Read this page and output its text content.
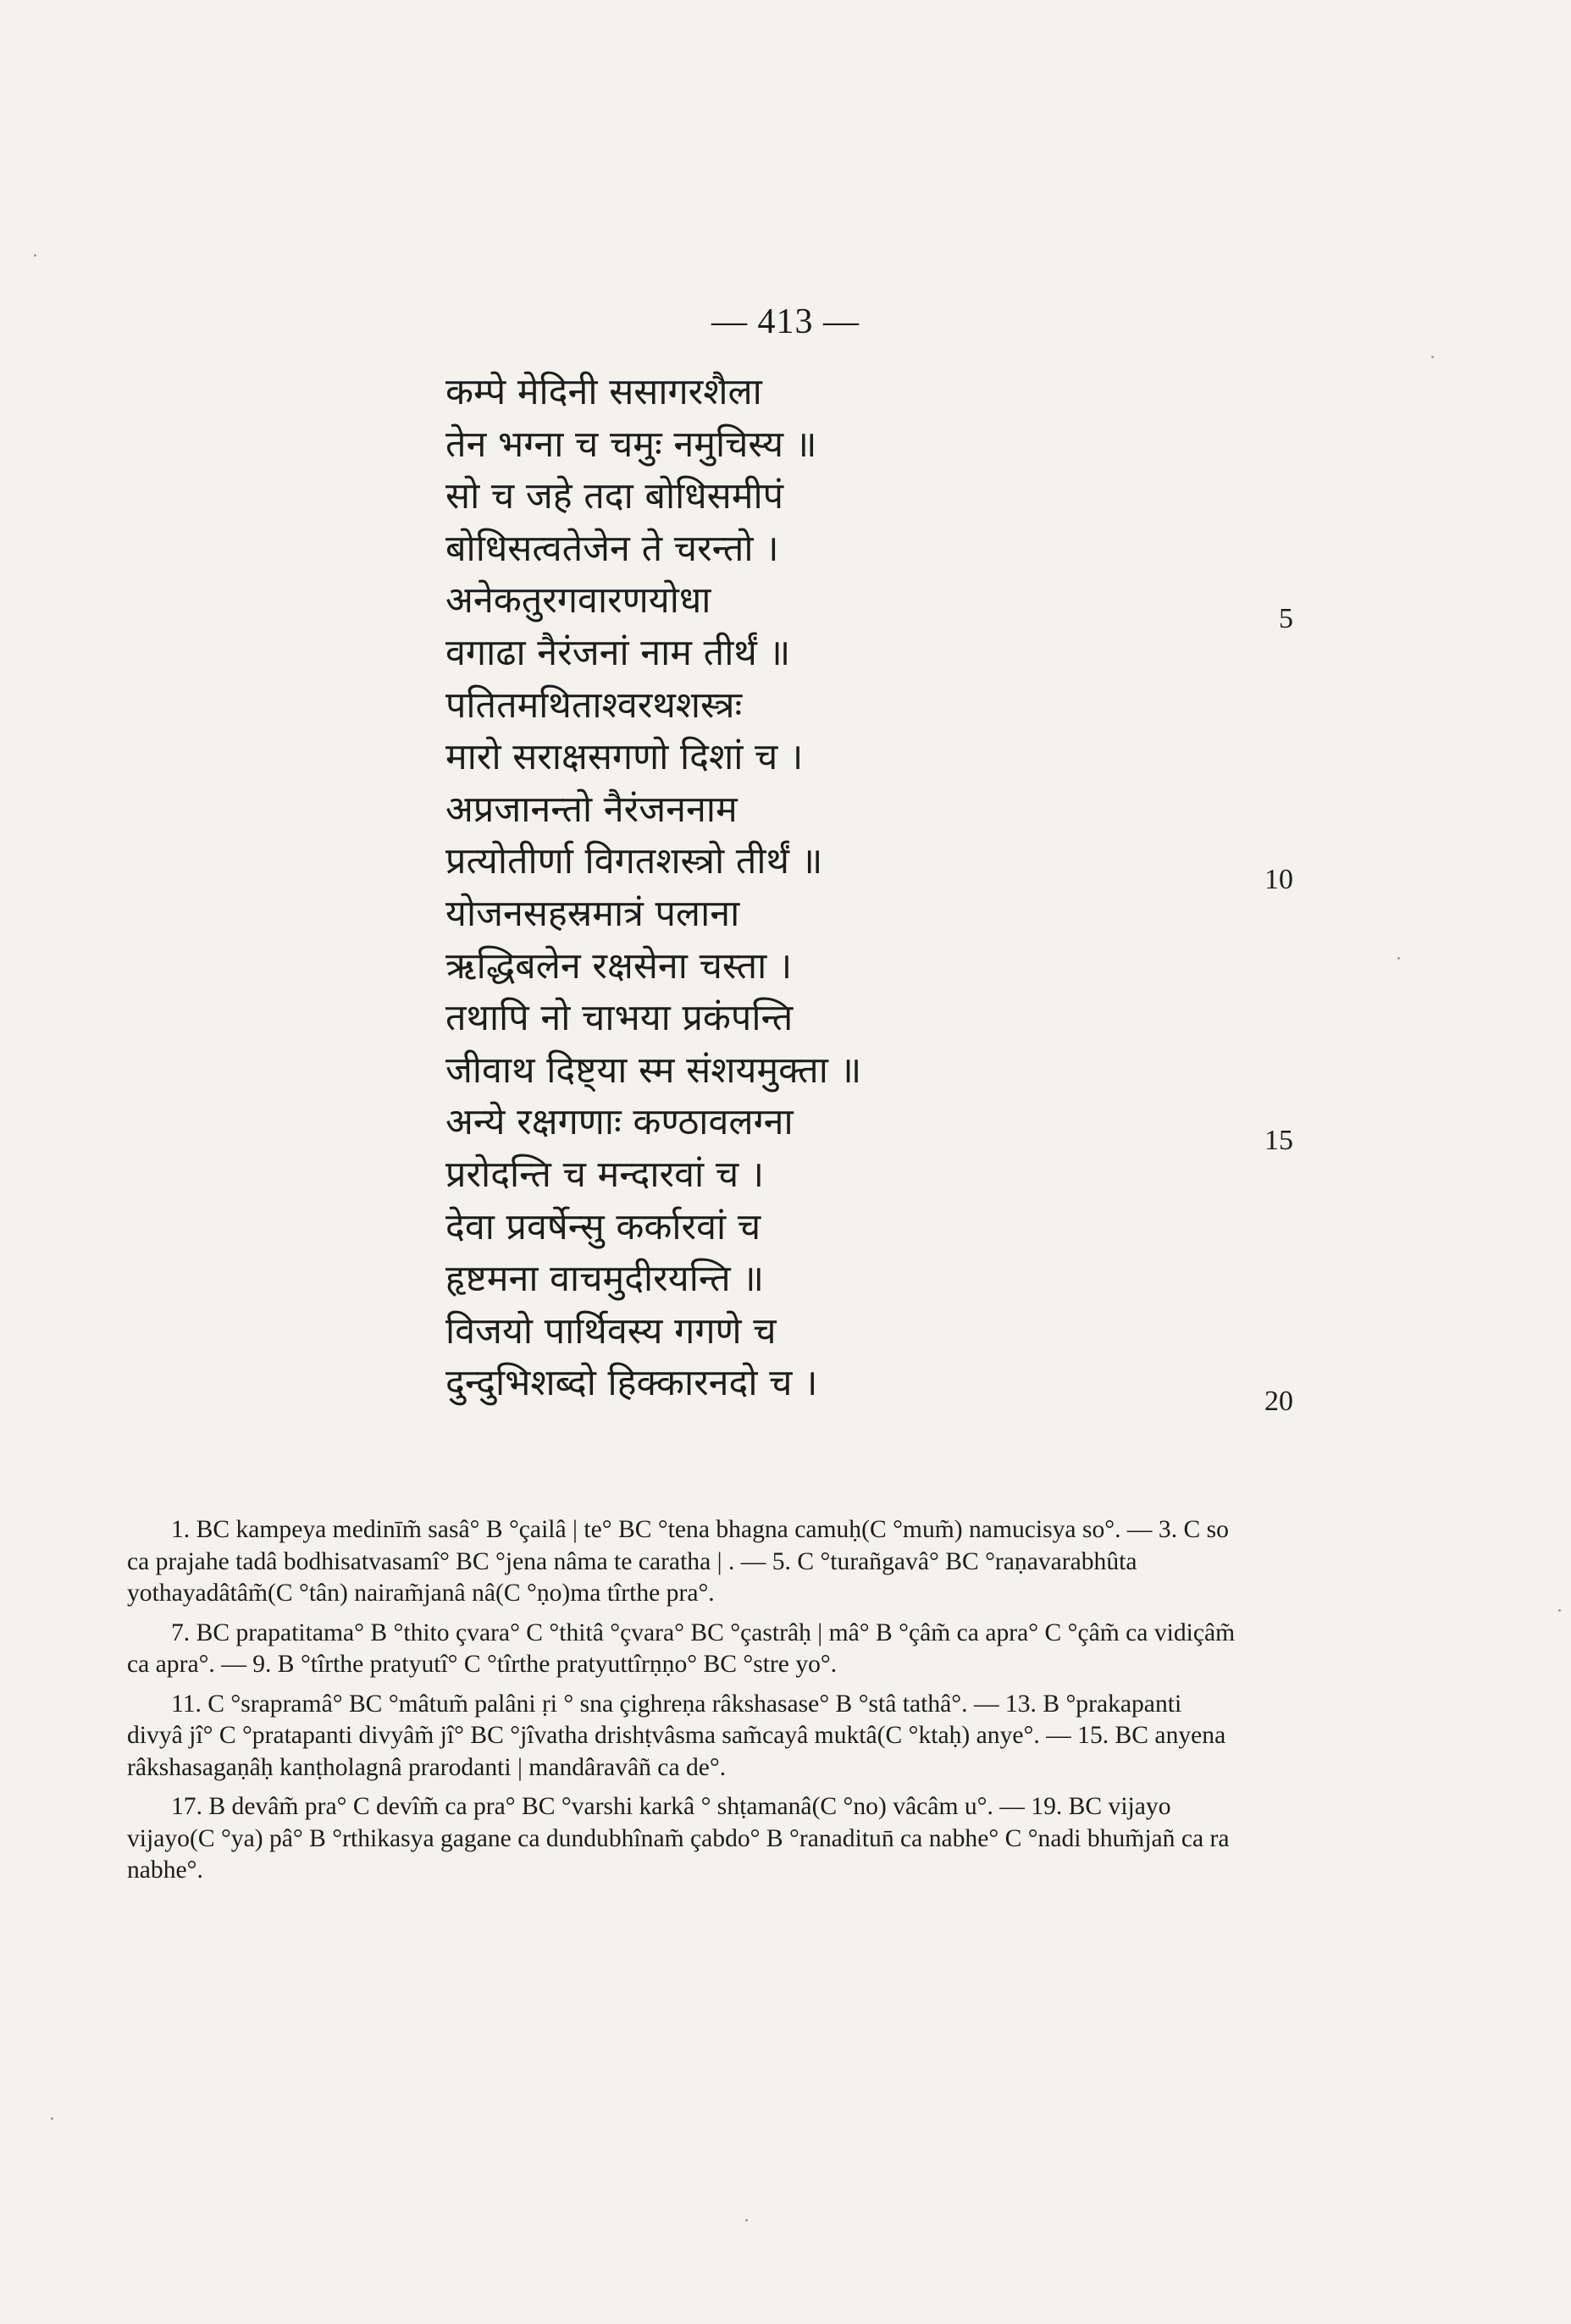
— 413 —
कम्पे मेदिनी ससागरशैला
तेन भग्ना च चमुः नमुचिस्य ॥
सो च जहे तदा बोधिसमीपं
बोधिसत्वतेजेन ते चरन्तो ।
अनेकतुरगवारणयोधा
वगाढा नैरंजनां नाम तीर्थं ॥
पतितमथिताश्वरथशस्त्रः
मारो सराक्षसगणो दिशां च ।
अप्रजानन्तो नैरंजननाम
प्रत्योतीर्णा विगतशस्त्रो तीर्थं ॥
योजनसहस्रमात्रं पलाना
ऋद्धिबलेन रक्षसेना चस्ता ।
तथापि नो चाभया प्रकंपन्ति
जीवाथ दिष्ट्या स्म संशयमुक्ता ॥
अन्ये रक्षगणाः कण्ठावलग्ना
प्ररोदन्ति च मन्दारवां च ।
देवा प्रवर्षेन्सु कर्कारवां च
हृष्टमना वाचमुदीरयन्ति ॥
विजयो पार्थिवस्य गगणे च
दुन्दुभिशब्दो हिक्कारनदो च ।
5
10
15
20

1. BC kampeya medinīm̃ sasâ° B °çailâ | te° BC °tena bhagna camuḥ(C °mum̃) namucisya so°. — 3. C so ca prajahe tadâ bodhisatvasamî° BC °jena nâma te caratha | . — 5. C °turañgavâ° BC °raṇavarabhûta yothayadâtâm̃(C °tân) nairam̃janâ nâ(C °ṇo)ma tîrthe pra°.

7. BC prapatitama° B °thito çvara° C °thitâ °çvara° BC °çastrâḥ | mâ° B °çâm̃ ca apra° C °çâm̃ ca vidiçâm̃ ca apra°. — 9. B °tîrthe pratyutî° C °tîrthe pratyuttîrṇṇo° BC °stre yo°.

11. C °srapramâ° BC °mâtum̃ palâni ṛi ° sna çighreṇa râkshasase° B °stâ tathâ°. — 13. B °prakapanti divyâ jî° C °pratapanti divyâm̃ jî° BC °jîvatha drishṭvâsma sam̃cayâ muktâ(C °ktaḥ) anye°. — 15. BC anyena râkshasagaṇâḥ kanṭholagnâ prarodanti | mandâravâñ ca de°.

17. B devâm̃ pra° C devîm̃ ca pra° BC °varshi karkâ ° shṭamanâ(C °no) vâcâm u°. — 19. BC vijayo vijayo(C °ya) pâ° B °rthikasya gagane ca dundubhînam̃ çabdo° B °ranaditun̄ ca nabhe° C °nadi bhum̃jañ ca ra nabhe°.
